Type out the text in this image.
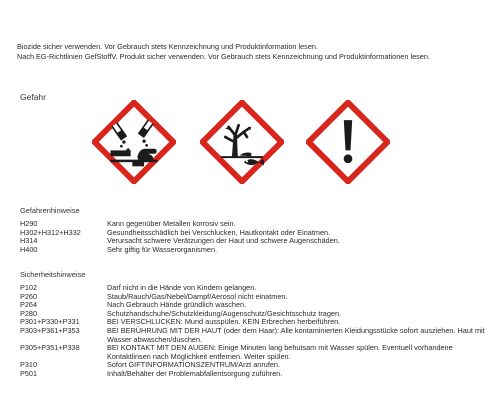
Biozide sicher verwenden. Vor Gebrauch stets Kennzeichnung und Produktinformation lesen.

Nach EG-Richtlinien GefStoffV. Produkt sicher verwenden. Vor Gebrauch stets Kennzeichnung und Produktinformationen lesen.

Gefahr
Gefahrenhinweise
H290	Kann gegenüber Metallen korrosiv sein.
H302+H312+H332	Gesundheitsschädlich bei Verschlucken, Hautkontakt oder Einatmen.
H314	Verursacht schwere Verätzungen der Haut und schwere Augenschäden.
H400	Sehr giftig für Wasserorganismen.
Sicherheitshinweise
P102	Darf nicht in die Hände von Kindern gelangen.
P260	Staub/Rauch/Gas/Nebel/Dampf/Aerosol nicht einatmen.
P264	Nach Gebrauch Hände gründlich waschen.
P280	Schutzhandschuhe/Schutzkleidung/Augenschutz/Gesichtsschutz tragen.
P301+P330+P331	BEI VERSCHLUCKEN: Mund ausspülen. KEIN Erbrechen herbeiführen.
P303+P361+P353	BEI BERÜHRUNG MIT DER HAUT (oder dem Haar): Alle kontaminierten Kleidungsstücke sofort ausziehen. Haut mit Wasser abwaschen/duschen.
P305+P351+P338	BEI KONTAKT MIT DEN AUGEN: Einige Minuten lang behutsam mit Wasser spülen. Eventuell vorhandene Kontaktlinsen nach Möglichkeit entfernen. Weiter spülen.
P310	Sofort GIFTINFORMATIONSZENTRUM/Arzt anrufen.
P501	Inhalt/Behälter der Problemabfallentsorgung zuführen.
